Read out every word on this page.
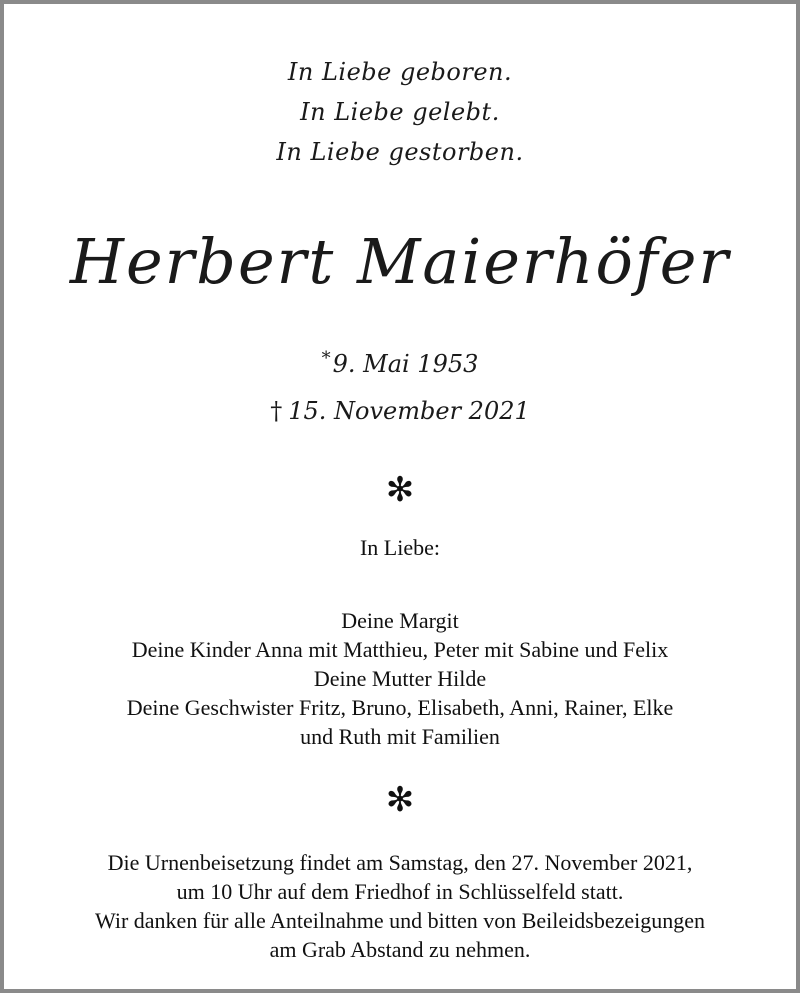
In Liebe geboren.
In Liebe gelebt.
In Liebe gestorben.
Herbert Maierhöfer
*9. Mai 1953
† 15. November 2021
✻
In Liebe:
Deine Margit
Deine Kinder Anna mit Matthieu, Peter mit Sabine und Felix
Deine Mutter Hilde
Deine Geschwister Fritz, Bruno, Elisabeth, Anni, Rainer, Elke
und Ruth mit Familien
✻
Die Urnenbeisetzung findet am Samstag, den 27. November 2021,
um 10 Uhr auf dem Friedhof in Schlüsselfeld statt.
Wir danken für alle Anteilnahme und bitten von Beileidsbezeigungen
am Grab Abstand zu nehmen.
